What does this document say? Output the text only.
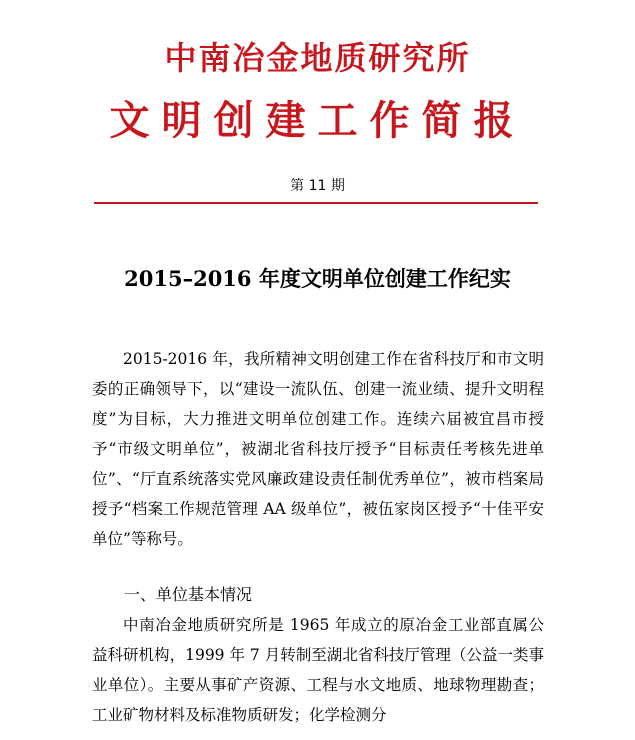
中南冶金地质研究所
文明创建工作简报
第 11 期
2015–2016 年度文明单位创建工作纪实
2015-2016 年，我所精神文明创建工作在省科技厅和市文明委的正确领导下，以“建设一流队伍、创建一流业绩、提升文明程度”为目标，大力推进文明单位创建工作。连续六届被宜昌市授予“市级文明单位”，被湖北省科技厅授予“目标责任考核先进单位”、“厅直系统落实党风廉政建设责任制优秀单位”，被市档案局授予“档案工作规范管理 AA 级单位”，被伍家岗区授予“十佳平安单位”等称号。
一、单位基本情况
中南冶金地质研究所是 1965 年成立的原冶金工业部直属公益科研机构，1999 年 7 月转制至湖北省科技厅管理（公益一类事业单位）。主要从事矿产资源、工程与水文地质、地球物理勘查；工业矿物材料及标准物质研发；化学检测分
